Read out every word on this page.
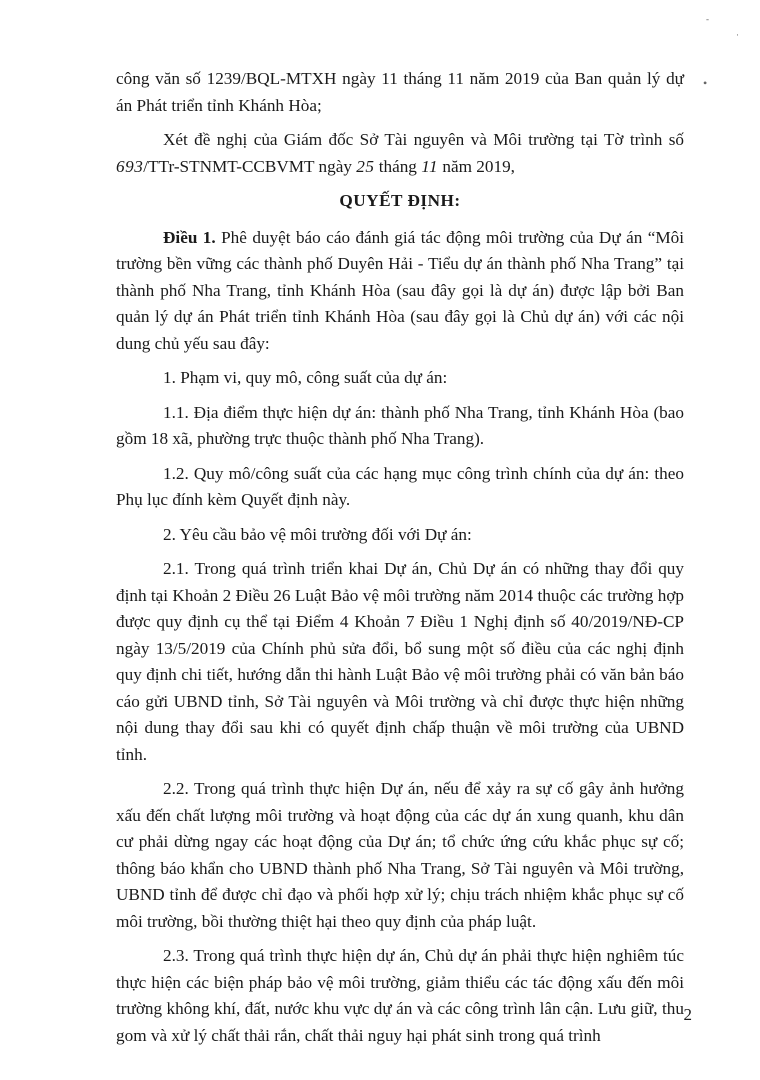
-
·
•

công văn số 1239/BQL-MTXH ngày 11 tháng 11 năm 2019 của Ban quản lý dự án Phát triển tỉnh Khánh Hòa;

Xét đề nghị của Giám đốc Sở Tài nguyên và Môi trường tại Tờ trình số 693/TTr-STNMT-CCBVMT ngày 25 tháng 11 năm 2019,

QUYẾT ĐỊNH:

Điều 1. Phê duyệt báo cáo đánh giá tác động môi trường của Dự án “Môi trường bền vững các thành phố Duyên Hải - Tiểu dự án thành phố Nha Trang” tại thành phố Nha Trang, tỉnh Khánh Hòa (sau đây gọi là dự án) được lập bởi Ban quản lý dự án Phát triển tỉnh Khánh Hòa (sau đây gọi là Chủ dự án) với các nội dung chủ yếu sau đây:

1. Phạm vi, quy mô, công suất của dự án:

1.1. Địa điểm thực hiện dự án: thành phố Nha Trang, tỉnh Khánh Hòa (bao gồm 18 xã, phường trực thuộc thành phố Nha Trang).

1.2. Quy mô/công suất của các hạng mục công trình chính của dự án: theo Phụ lục đính kèm Quyết định này.

2. Yêu cầu bảo vệ môi trường đối với Dự án:

2.1. Trong quá trình triển khai Dự án, Chủ Dự án có những thay đổi quy định tại Khoản 2 Điều 26 Luật Bảo vệ môi trường năm 2014 thuộc các trường hợp được quy định cụ thể tại Điểm 4 Khoản 7 Điều 1 Nghị định số 40/2019/NĐ-CP ngày 13/5/2019 của Chính phủ sửa đổi, bổ sung một số điều của các nghị định quy định chi tiết, hướng dẫn thi hành Luật Bảo vệ môi trường phải có văn bản báo cáo gửi UBND tỉnh, Sở Tài nguyên và Môi trường và chỉ được thực hiện những nội dung thay đổi sau khi có quyết định chấp thuận về môi trường của UBND tỉnh.

2.2. Trong quá trình thực hiện Dự án, nếu để xảy ra sự cố gây ảnh hưởng xấu đến chất lượng môi trường và hoạt động của các dự án xung quanh, khu dân cư phải dừng ngay các hoạt động của Dự án; tổ chức ứng cứu khắc phục sự cố; thông báo khẩn cho UBND thành phố Nha Trang, Sở Tài nguyên và Môi trường, UBND tỉnh để được chỉ đạo và phối hợp xử lý; chịu trách nhiệm khắc phục sự cố môi trường, bồi thường thiệt hại theo quy định của pháp luật.

2.3. Trong quá trình thực hiện dự án, Chủ dự án phải thực hiện nghiêm túc thực hiện các biện pháp bảo vệ môi trường, giảm thiểu các tác động xấu đến môi trường không khí, đất, nước khu vực dự án và các công trình lân cận. Lưu giữ, thu gom và xử lý chất thải rắn, chất thải nguy hại phát sinh trong quá trình

2
